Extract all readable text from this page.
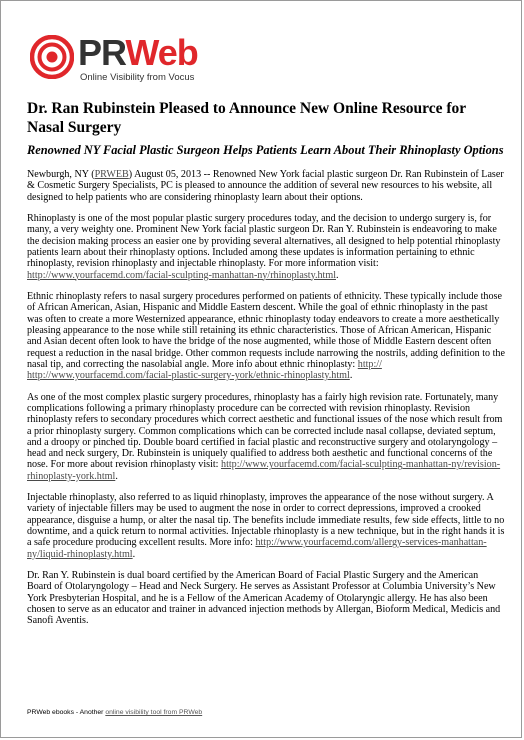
PRWeb
Online Visibility from Vocus
Dr. Ran Rubinstein Pleased to Announce New Online Resource for Nasal Surgery
Renowned NY Facial Plastic Surgeon Helps Patients Learn About Their Rhinoplasty Options

Newburgh, NY (PRWEB) August 05, 2013 -- Renowned New York facial plastic surgeon Dr. Ran Rubinstein of Laser & Cosmetic Surgery Specialists, PC is pleased to announce the addition of several new resources to his website, all designed to help patients who are considering rhinoplasty learn about their options.

Rhinoplasty is one of the most popular plastic surgery procedures today, and the decision to undergo surgery is, for many, a very weighty one. Prominent New York facial plastic surgeon Dr. Ran Y. Rubinstein is endeavoring to make the decision making process an easier one by providing several alternatives, all designed to help potential rhinoplasty patients learn about their rhinoplasty options. Included among these updates is information pertaining to ethnic rhinoplasty, revision rhinoplasty and injectable rhinoplasty. For more information visit: http://www.yourfacemd.com/facial-sculpting-manhattan-ny/rhinoplasty.html.

Ethnic rhinoplasty refers to nasal surgery procedures performed on patients of ethnicity. These typically include those of African American, Asian, Hispanic and Middle Eastern descent. While the goal of ethnic rhinoplasty in the past was often to create a more Westernized appearance, ethnic rhinoplasty today endeavors to create a more aesthetically pleasing appearance to the nose while still retaining its ethnic characteristics. Those of African American, Hispanic and Asian decent often look to have the bridge of the nose augmented, while those of Middle Eastern descent often request a reduction in the nasal bridge. Other common requests include narrowing the nostrils, adding definition to the nasal tip, and correcting the nasolabial angle. More info about ethnic rhinoplasty: http:// http://www.yourfacemd.com/facial-plastic-surgery-york/ethnic-rhinoplasty.html.

As one of the most complex plastic surgery procedures, rhinoplasty has a fairly high revision rate. Fortunately, many complications following a primary rhinoplasty procedure can be corrected with revision rhinoplasty. Revision rhinoplasty refers to secondary procedures which correct aesthetic and functional issues of the nose which result from a prior rhinoplasty surgery. Common complications which can be corrected include nasal collapse, deviated septum, and a droopy or pinched tip. Double board certified in facial plastic and reconstructive surgery and otolaryngology – head and neck surgery, Dr. Rubinstein is uniquely qualified to address both aesthetic and functional concerns of the nose. For more about revision rhinoplasty visit: http://www.yourfacemd.com/facial-sculpting-manhattan-ny/revision-rhinoplasty-york.html.

Injectable rhinoplasty, also referred to as liquid rhinoplasty, improves the appearance of the nose without surgery. A variety of injectable fillers may be used to augment the nose in order to correct depressions, improved a crooked appearance, disguise a hump, or alter the nasal tip. The benefits include immediate results, few side effects, little to no downtime, and a quick return to normal activities. Injectable rhinoplasty is a new technique, but in the right hands it is a safe procedure producing excellent results. More info: http://www.yourfacemd.com/allergy-services-manhattan-ny/liquid-rhinoplasty.html.

Dr. Ran Y. Rubinstein is dual board certified by the American Board of Facial Plastic Surgery and the American Board of Otolaryngology – Head and Neck Surgery. He serves as Assistant Professor at Columbia University’s New York Presbyterian Hospital, and he is a Fellow of the American Academy of Otolaryngic allergy. He has also been chosen to serve as an educator and trainer in advanced injection methods by Allergan, Bioform Medical, Medicis and Sanofi Aventis.

PRWeb ebooks - Another online visibility tool from PRWeb
